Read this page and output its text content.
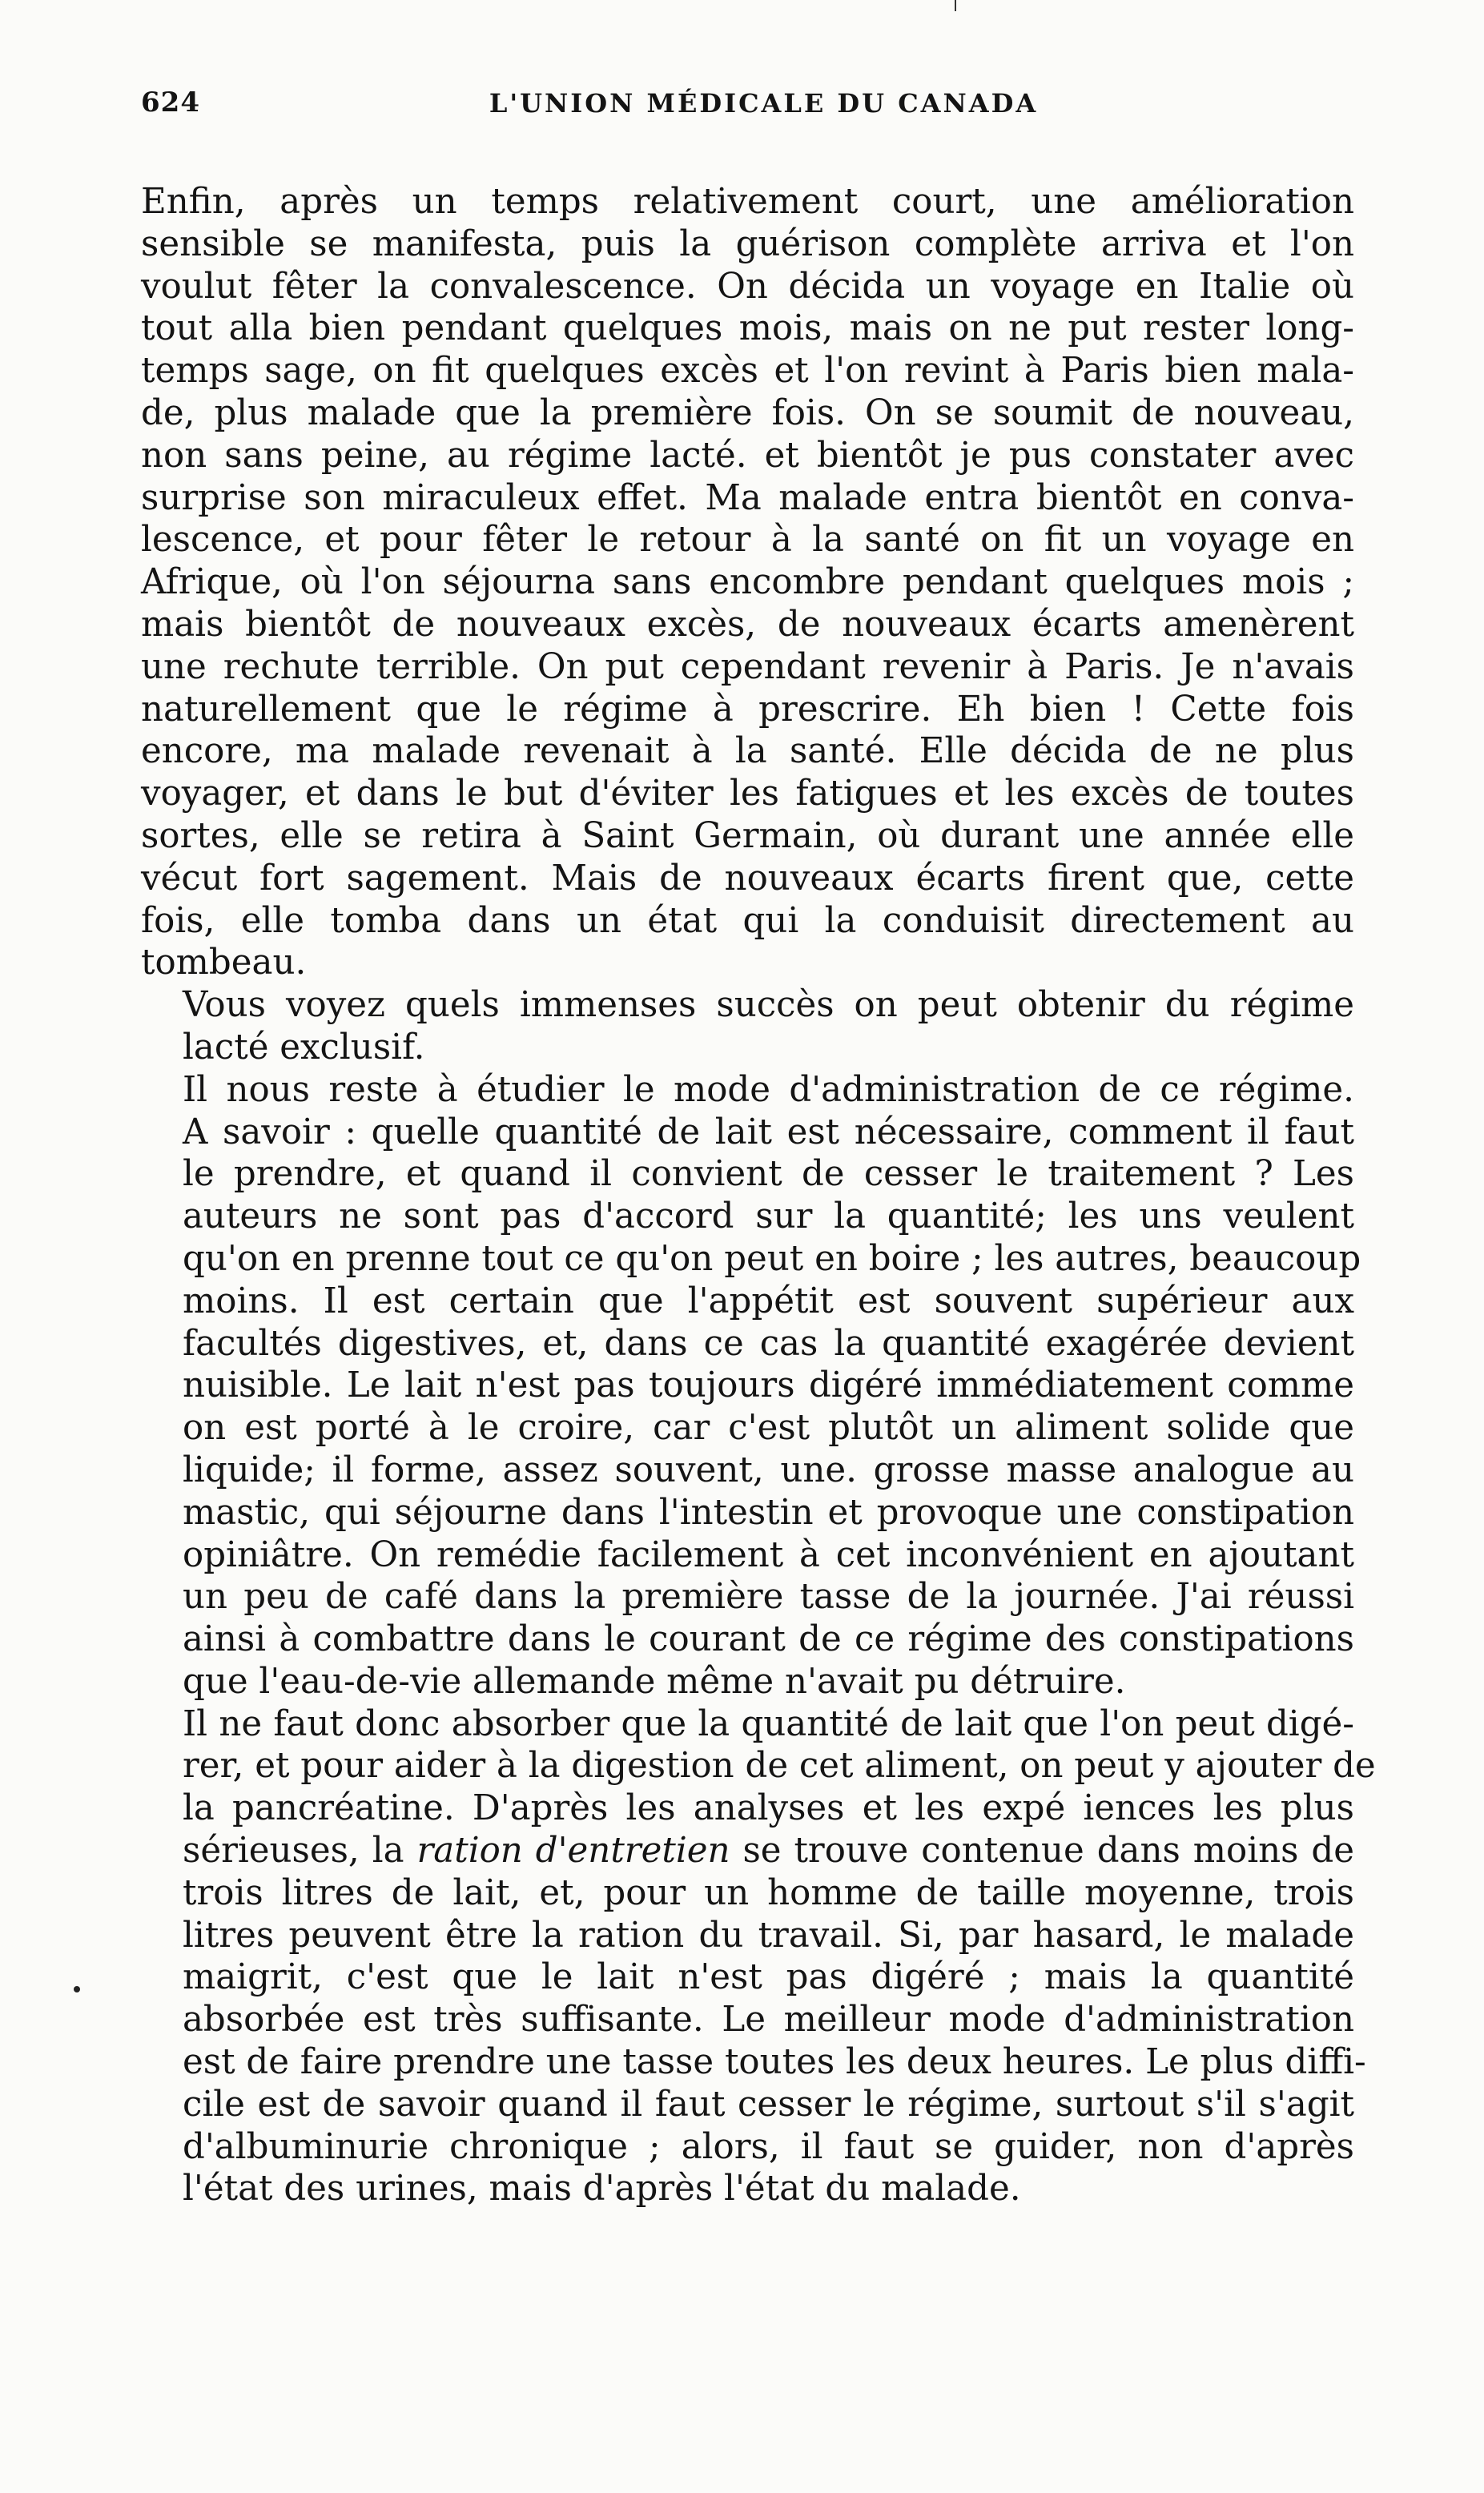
624	L'UNION MÉDICALE DU CANADA

Enfin, après un temps relativement court, une amélioration
sensible se manifesta, puis la guérison complète arriva et l'on
voulut fêter la convalescence. On décida un voyage en Italie où
tout alla bien pendant quelques mois, mais on ne put rester long-
temps sage, on fit quelques excès et l'on revint à Paris bien mala-
de, plus malade que la première fois. On se soumit de nouveau,
non sans peine, au régime lacté. et bientôt je pus constater avec
surprise son miraculeux effet. Ma malade entra bientôt en conva-
lescence, et pour fêter le retour à la santé on fit un voyage en
Afrique, où l'on séjourna sans encombre pendant quelques mois ;
mais bientôt de nouveaux excès, de nouveaux écarts amenèrent
une rechute terrible. On put cependant revenir à Paris. Je n'avais
naturellement que le régime à prescrire. Eh bien ! Cette fois
encore, ma malade revenait à la santé. Elle décida de ne plus
voyager, et dans le but d'éviter les fatigues et les excès de toutes
sortes, elle se retira à Saint Germain, où durant une année elle
vécut fort sagement. Mais de nouveaux écarts firent que, cette
fois, elle tomba dans un état qui la conduisit directement au
tombeau.

Vous voyez quels immenses succès on peut obtenir du régime
lacté exclusif.

Il nous reste à étudier le mode d'administration de ce régime.
A savoir : quelle quantité de lait est nécessaire, comment il faut
le prendre, et quand il convient de cesser le traitement ? Les
auteurs ne sont pas d'accord sur la quantité; les uns veulent
qu'on en prenne tout ce qu'on peut en boire ; les autres, beaucoup
moins. Il est certain que l'appétit est souvent supérieur aux
facultés digestives, et, dans ce cas la quantité exagérée devient
nuisible. Le lait n'est pas toujours digéré immédiatement comme
on est porté à le croire, car c'est plutôt un aliment solide que
liquide; il forme, assez souvent, une. grosse masse analogue au
mastic, qui séjourne dans l'intestin et provoque une constipation
opiniâtre. On remédie facilement à cet inconvénient en ajoutant
un peu de café dans la première tasse de la journée. J'ai réussi
ainsi à combattre dans le courant de ce régime des constipations
que l'eau-de-vie allemande même n'avait pu détruire.

Il ne faut donc absorber que la quantité de lait que l'on peut digé-
rer, et pour aider à la digestion de cet aliment, on peut y ajouter de
la pancréatine. D'après les analyses et les expé iences les plus
sérieuses, la ration d'entretien se trouve contenue dans moins de
trois litres de lait, et, pour un homme de taille moyenne, trois
litres peuvent être la ration du travail. Si, par hasard, le malade
maigrit, c'est que le lait n'est pas digéré ; mais la quantité
absorbée est très suffisante. Le meilleur mode d'administration
est de faire prendre une tasse toutes les deux heures. Le plus diffi-
cile est de savoir quand il faut cesser le régime, surtout s'il s'agit
d'albuminurie chronique ; alors, il faut se guider, non d'après
l'état des urines, mais d'après l'état du malade.
